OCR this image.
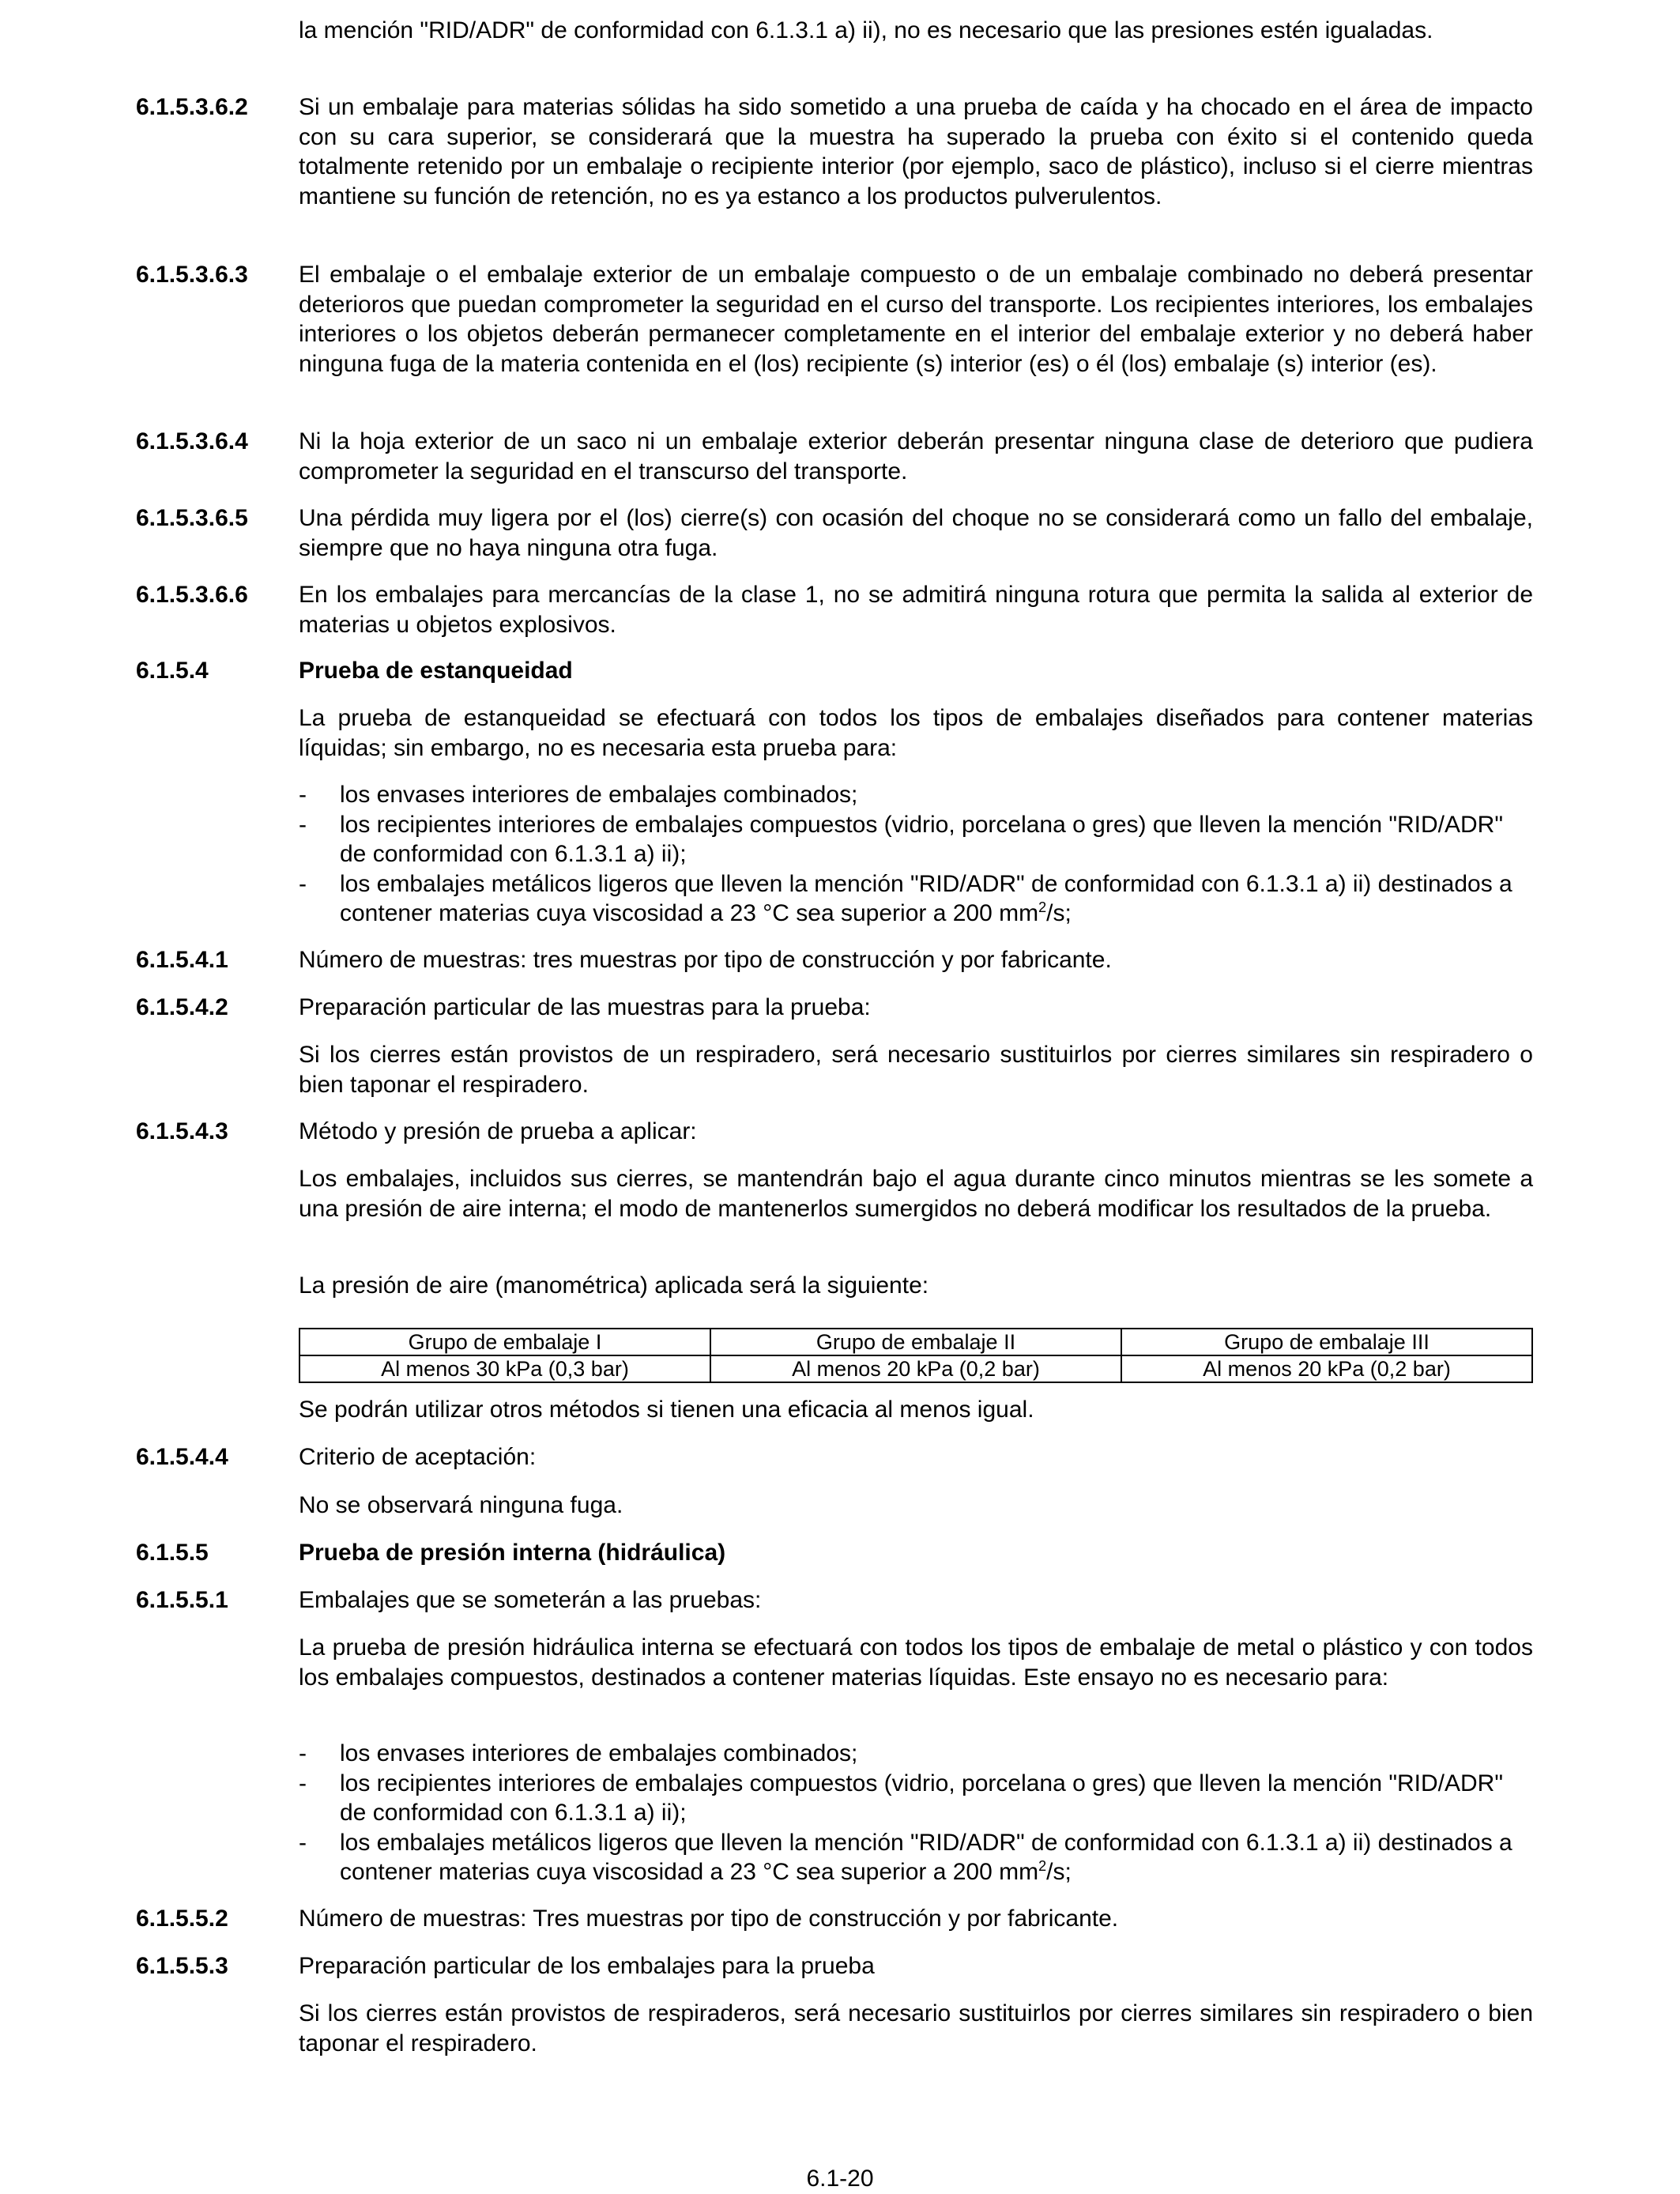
la mención "RID/ADR" de conformidad con 6.1.3.1 a) ii), no es necesario que las presiones estén igualadas.
6.1.5.3.6.2	Si un embalaje para materias sólidas ha sido sometido a una prueba de caída y ha chocado en el área de impacto con su cara superior, se considerará que la muestra ha superado la prueba con éxito si el contenido queda totalmente retenido por un embalaje o recipiente interior (por ejemplo, saco de plástico), incluso si el cierre mientras mantiene su función de retención, no es ya estanco a los productos pulverulentos.
6.1.5.3.6.3	El embalaje o el embalaje exterior de un embalaje compuesto o de un embalaje combinado no deberá presentar deterioros que puedan comprometer la seguridad en el curso del transporte. Los recipientes interiores, los embalajes interiores o los objetos deberán permanecer completamente en el interior del embalaje exterior y no deberá haber ninguna fuga de la materia contenida en el (los) recipiente (s) interior (es) o él (los) embalaje (s) interior (es).
6.1.5.3.6.4	Ni la hoja exterior de un saco ni un embalaje exterior deberán presentar ninguna clase de deterioro que pudiera comprometer la seguridad en el transcurso del transporte.
6.1.5.3.6.5	Una pérdida muy ligera por el (los) cierre(s) con ocasión del choque no se considerará como un fallo del embalaje, siempre que no haya ninguna otra fuga.
6.1.5.3.6.6	En los embalajes para mercancías de la clase 1, no se admitirá ninguna rotura que permita la salida al exterior de materias u objetos explosivos.
6.1.5.4	Prueba de estanqueidad
La prueba de estanqueidad se efectuará con todos los tipos de embalajes diseñados para contener materias líquidas; sin embargo, no es necesaria esta prueba para:
-	los envases interiores de embalajes combinados;
-	los recipientes interiores de embalajes compuestos (vidrio, porcelana o gres) que lleven la mención "RID/ADR" de conformidad con 6.1.3.1 a) ii);
-	los embalajes metálicos ligeros que lleven la mención "RID/ADR" de conformidad con 6.1.3.1 a) ii) destinados a contener materias cuya viscosidad a 23 °C sea superior a 200 $mm^2/s$;
6.1.5.4.1	Número de muestras: tres muestras por tipo de construcción y por fabricante.
6.1.5.4.2	Preparación particular de las muestras para la prueba:
Si los cierres están provistos de un respiradero, será necesario sustituirlos por cierres similares sin respiradero o bien taponar el respiradero.
6.1.5.4.3	Método y presión de prueba a aplicar:
Los embalajes, incluidos sus cierres, se mantendrán bajo el agua durante cinco minutos mientras se les somete a una presión de aire interna; el modo de mantenerlos sumergidos no deberá modificar los resultados de la prueba.
La presión de aire (manométrica) aplicada será la siguiente:
Grupo de embalaje I	Grupo de embalaje II	Grupo de embalaje III
Al menos 30 kPa (0,3 bar)	Al menos 20 kPa (0,2 bar)	Al menos 20 kPa (0,2 bar)
Se podrán utilizar otros métodos si tienen una eficacia al menos igual.
6.1.5.4.4	Criterio de aceptación:
No se observará ninguna fuga.
6.1.5.5	Prueba de presión interna (hidráulica)
6.1.5.5.1	Embalajes que se someterán a las pruebas:
La prueba de presión hidráulica interna se efectuará con todos los tipos de embalaje de metal o plástico y con todos los embalajes compuestos, destinados a contener materias líquidas. Este ensayo no es necesario para:
-	los envases interiores de embalajes combinados;
-	los recipientes interiores de embalajes compuestos (vidrio, porcelana o gres) que lleven la mención "RID/ADR" de conformidad con 6.1.3.1 a) ii);
-	los embalajes metálicos ligeros que lleven la mención "RID/ADR" de conformidad con 6.1.3.1 a) ii) destinados a contener materias cuya viscosidad a 23 °C sea superior a 200 $mm^2/s$;
6.1.5.5.2	Número de muestras: Tres muestras por tipo de construcción y por fabricante.
6.1.5.5.3	Preparación particular de los embalajes para la prueba
Si los cierres están provistos de respiraderos, será necesario sustituirlos por cierres similares sin respiradero o bien taponar el respiradero.
6.1-20
